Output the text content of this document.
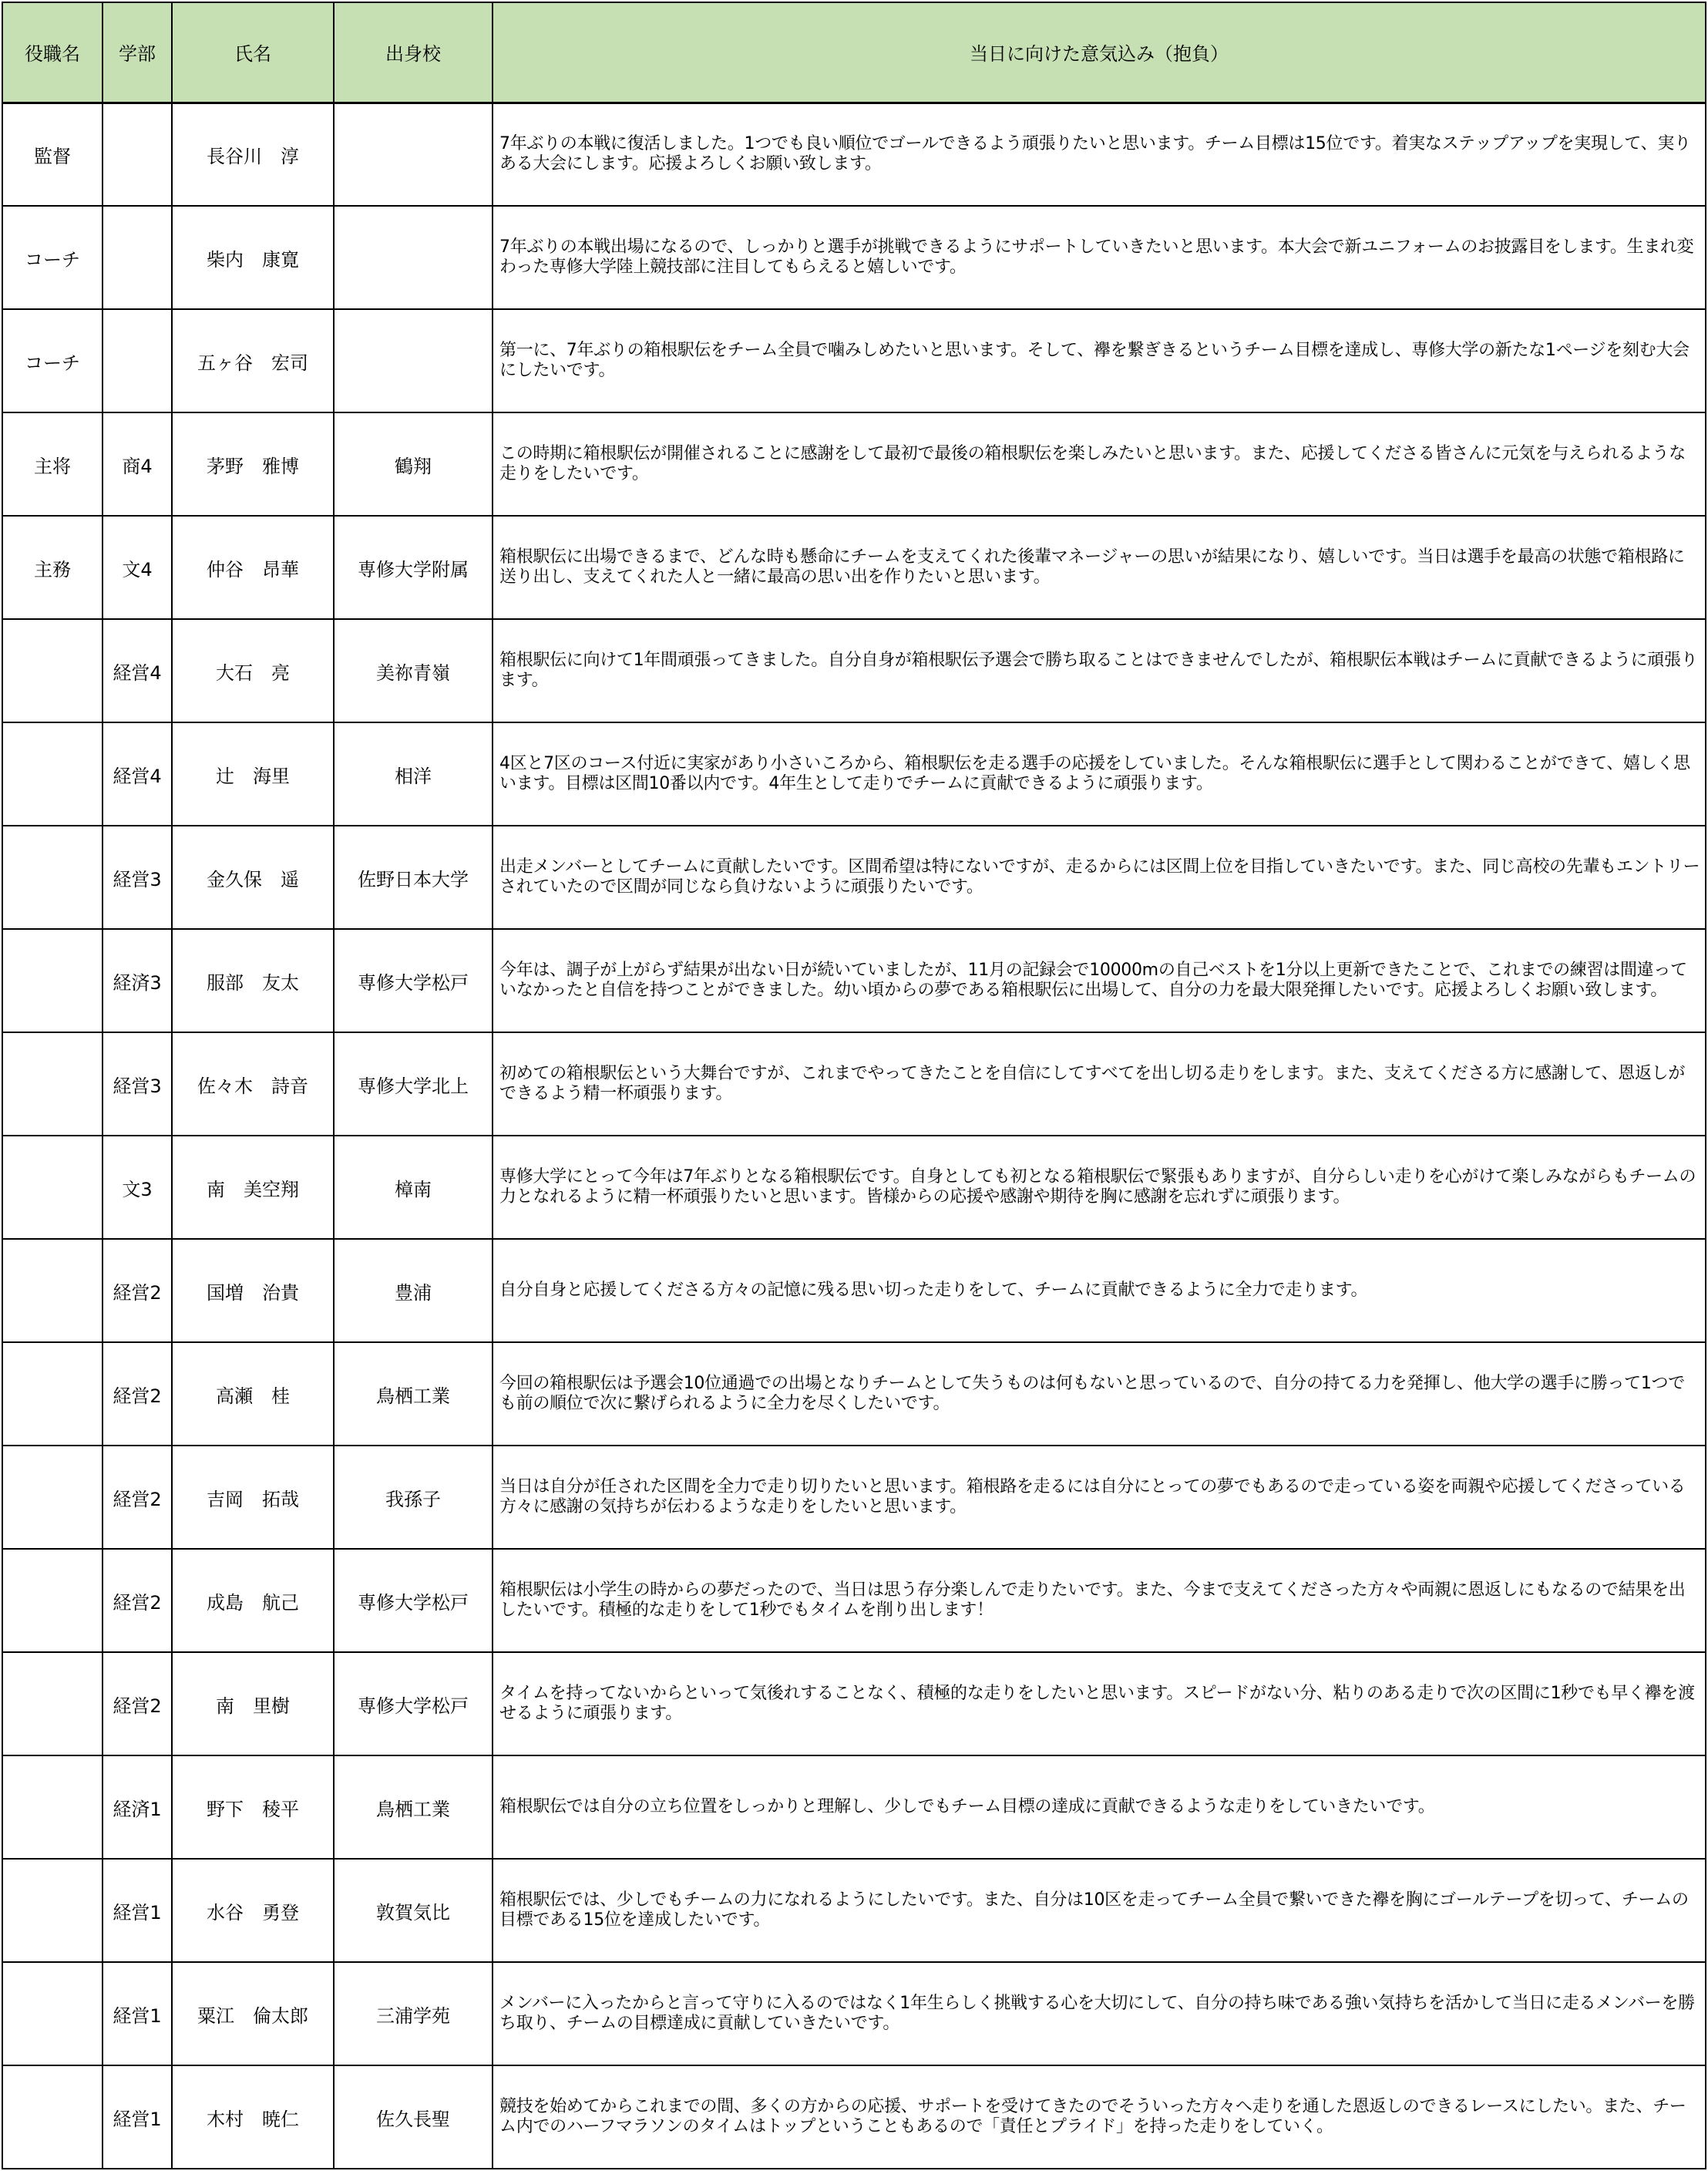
役職名	学部	氏名	出身校	当日に向けた意気込み（抱負）
監督		長谷川　淳		7年ぶりの本戦に復活しました。1つでも良い順位でゴールできるよう頑張りたいと思います。チーム目標は15位です。着実なステップアップを実現して、実りある大会にします。応援よろしくお願い致します。
コーチ		柴内　康寛		7年ぶりの本戦出場になるので、しっかりと選手が挑戦できるようにサポートしていきたいと思います。本大会で新ユニフォームのお披露目をします。生まれ変わった専修大学陸上競技部に注目してもらえると嬉しいです。
コーチ		五ヶ谷　宏司		第一に、7年ぶりの箱根駅伝をチーム全員で噛みしめたいと思います。そして、襷を繋ぎきるというチーム目標を達成し、専修大学の新たな1ページを刻む大会にしたいです。
主将	商4	茅野　雅博	鶴翔	この時期に箱根駅伝が開催されることに感謝をして最初で最後の箱根駅伝を楽しみたいと思います。また、応援してくださる皆さんに元気を与えられるような走りをしたいです。
主務	文4	仲谷　昂華	専修大学附属	箱根駅伝に出場できるまで、どんな時も懸命にチームを支えてくれた後輩マネージャーの思いが結果になり、嬉しいです。当日は選手を最高の状態で箱根路に送り出し、支えてくれた人と一緒に最高の思い出を作りたいと思います。
	経営4	大石　亮	美祢青嶺	箱根駅伝に向けて1年間頑張ってきました。自分自身が箱根駅伝予選会で勝ち取ることはできませんでしたが、箱根駅伝本戦はチームに貢献できるように頑張ります。
	経営4	辻　海里	相洋	4区と7区のコース付近に実家があり小さいころから、箱根駅伝を走る選手の応援をしていました。そんな箱根駅伝に選手として関わることができて、嬉しく思います。目標は区間10番以内です。4年生として走りでチームに貢献できるように頑張ります。
	経営3	金久保　遥	佐野日本大学	出走メンバーとしてチームに貢献したいです。区間希望は特にないですが、走るからには区間上位を目指していきたいです。また、同じ高校の先輩もエントリーされていたので区間が同じなら負けないように頑張りたいです。
	経済3	服部　友太	専修大学松戸	今年は、調子が上がらず結果が出ない日が続いていましたが、11月の記録会で10000mの自己ベストを1分以上更新できたことで、これまでの練習は間違っていなかったと自信を持つことができました。幼い頃からの夢である箱根駅伝に出場して、自分の力を最大限発揮したいです。応援よろしくお願い致します。
	経営3	佐々木　詩音	専修大学北上	初めての箱根駅伝という大舞台ですが、これまでやってきたことを自信にしてすべてを出し切る走りをします。また、支えてくださる方に感謝して、恩返しができるよう精一杯頑張ります。
	文3	南　美空翔	樟南	専修大学にとって今年は7年ぶりとなる箱根駅伝です。自身としても初となる箱根駅伝で緊張もありますが、自分らしい走りを心がけて楽しみながらもチームの力となれるように精一杯頑張りたいと思います。皆様からの応援や感謝や期待を胸に感謝を忘れずに頑張ります。
	経営2	国増　治貴	豊浦	自分自身と応援してくださる方々の記憶に残る思い切った走りをして、チームに貢献できるように全力で走ります。
	経営2	高瀬　桂	鳥栖工業	今回の箱根駅伝は予選会10位通過での出場となりチームとして失うものは何もないと思っているので、自分の持てる力を発揮し、他大学の選手に勝って1つでも前の順位で次に繋げられるように全力を尽くしたいです。
	経営2	吉岡　拓哉	我孫子	当日は自分が任された区間を全力で走り切りたいと思います。箱根路を走るには自分にとっての夢でもあるので走っている姿を両親や応援してくださっている方々に感謝の気持ちが伝わるような走りをしたいと思います。
	経営2	成島　航己	専修大学松戸	箱根駅伝は小学生の時からの夢だったので、当日は思う存分楽しんで走りたいです。また、今まで支えてくださった方々や両親に恩返しにもなるので結果を出したいです。積極的な走りをして1秒でもタイムを削り出します！
	経営2	南　里樹	専修大学松戸	タイムを持ってないからといって気後れすることなく、積極的な走りをしたいと思います。スピードがない分、粘りのある走りで次の区間に1秒でも早く襷を渡せるように頑張ります。
	経済1	野下　稜平	鳥栖工業	箱根駅伝では自分の立ち位置をしっかりと理解し、少しでもチーム目標の達成に貢献できるような走りをしていきたいです。
	経営1	水谷　勇登	敦賀気比	箱根駅伝では、少しでもチームの力になれるようにしたいです。また、自分は10区を走ってチーム全員で繋いできた襷を胸にゴールテープを切って、チームの目標である15位を達成したいです。
	経営1	粟江　倫太郎	三浦学苑	メンバーに入ったからと言って守りに入るのではなく1年生らしく挑戦する心を大切にして、自分の持ち味である強い気持ちを活かして当日に走るメンバーを勝ち取り、チームの目標達成に貢献していきたいです。
	経営1	木村　暁仁	佐久長聖	競技を始めてからこれまでの間、多くの方からの応援、サポートを受けてきたのでそういった方々へ走りを通した恩返しのできるレースにしたい。また、チーム内でのハーフマラソンのタイムはトップということもあるので「責任とプライド」を持った走りをしていく。
